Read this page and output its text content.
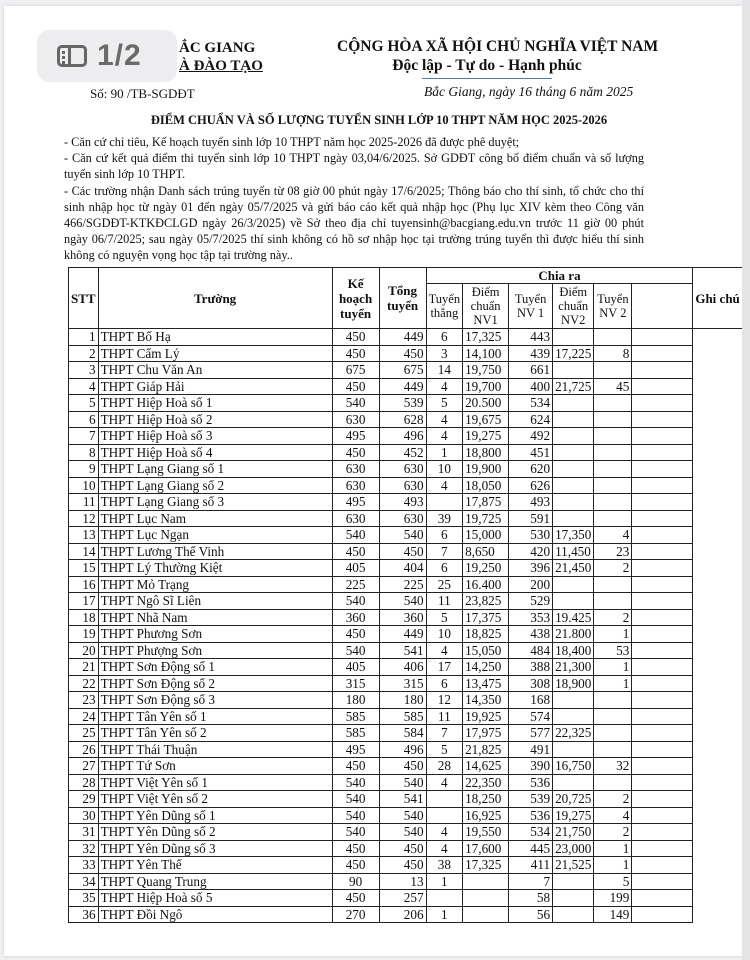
ẮC GIANG
À ĐÀO TẠO
Số: 90 /TB-SGDĐT
CỘNG HÒA XÃ HỘI CHỦ NGHĨA VIỆT NAM
Độc lập - Tự do - Hạnh phúc
Bắc Giang, ngày 16 tháng 6 năm 2025
ĐIỂM CHUẨN VÀ SỐ LƯỢNG TUYỂN SINH LỚP 10 THPT NĂM HỌC 2025-2026

- Căn cứ chỉ tiêu, Kế hoạch tuyển sinh lớp 10 THPT năm học 2025-2026 đã được phê duyệt;

- Căn cứ kết quả điểm thi tuyển sinh lớp 10 THPT ngày 03,04/6/2025. Sở GDĐT công bố điểm chuẩn và số lượng tuyển sinh lớp 10 THPT.

- Các trường nhận Danh sách trúng tuyển từ 08 giờ 00 phút ngày 17/6/2025; Thông báo cho thí sinh, tổ chức cho thí sinh nhập học từ ngày 01 đến ngày 05/7/2025 và gửi báo cáo kết quả nhập học (Phụ lục XIV kèm theo Công văn 466/SGDĐT-KTKĐCLGD ngày 26/3/2025) về Sở theo địa chỉ tuyensinh@bacgiang.edu.vn trước 11 giờ 00 phút ngày 06/7/2025; sau ngày 05/7/2025 thí sinh không có hồ sơ nhập học tại trường trúng tuyển thì được hiểu thí sinh không có nguyện vọng học tập tại trường này..

STT	Trường	Kế hoạch tuyển	Tổng tuyển	Chia ra						Ghi chú
				Tuyển thẳng	Điểm chuẩn NV1	Tuyển NV 1	Điểm chuẩn NV2	Tuyển NV 2		
1	THPT Bố Hạ	450	449	6	17,325	443				
2	THPT Cẩm Lý	450	450	3	14,100	439	17,225	8		
3	THPT Chu Văn An	675	675	14	19,750	661				
4	THPT Giáp Hải	450	449	4	19,700	400	21,725	45		
5	THPT Hiệp Hoà số 1	540	539	5	20.500	534				
6	THPT Hiệp Hoà số 2	630	628	4	19,675	624				
7	THPT Hiệp Hoà số 3	495	496	4	19,275	492				
8	THPT Hiệp Hoà số 4	450	452	1	18,800	451				
9	THPT Lạng Giang số 1	630	630	10	19,900	620				
10	THPT Lạng Giang số 2	630	630	4	18,050	626				
11	THPT Lạng Giang số 3	495	493		17,875	493				
12	THPT Lục Nam	630	630	39	19,725	591				
13	THPT Lục Ngạn	540	540	6	15,000	530	17,350	4		
14	THPT Lương Thế Vinh	450	450	7	8,650	420	11,450	23		
15	THPT Lý Thường Kiệt	405	404	6	19,250	396	21,450	2		
16	THPT Mỏ Trạng	225	225	25	16.400	200				
17	THPT Ngô Sĩ Liên	540	540	11	23,825	529				
18	THPT Nhã Nam	360	360	5	17,375	353	19.425	2		
19	THPT Phương Sơn	450	449	10	18,825	438	21.800	1		
20	THPT Phượng Sơn	540	541	4	15,050	484	18,400	53		
21	THPT Sơn Động số 1	405	406	17	14,250	388	21,300	1		
22	THPT Sơn Động số 2	315	315	6	13,475	308	18,900	1		
23	THPT Sơn Động số 3	180	180	12	14,350	168				
24	THPT Tân Yên số 1	585	585	11	19,925	574				
25	THPT Tân Yên số 2	585	584	7	17,975	577	22,325			
26	THPT Thái Thuận	495	496	5	21,825	491				
27	THPT Tứ Sơn	450	450	28	14,625	390	16,750	32		
28	THPT Việt Yên số 1	540	540	4	22,350	536				
29	THPT Việt Yên số 2	540	541		18,250	539	20,725	2		
30	THPT Yên Dũng số 1	540	540		16,925	536	19,275	4		
31	THPT Yên Dũng số 2	540	540	4	19,550	534	21,750	2		
32	THPT Yên Dũng số 3	450	450	4	17,600	445	23,000	1		
33	THPT Yên Thế	450	450	38	17,325	411	21,525	1		
34	THPT Quang Trung	90	13	1		7		5		
35	THPT Hiệp Hoà số 5	450	257			58		199		
36	THPT Đồi Ngô	270	206	1		56		149		
1/2
